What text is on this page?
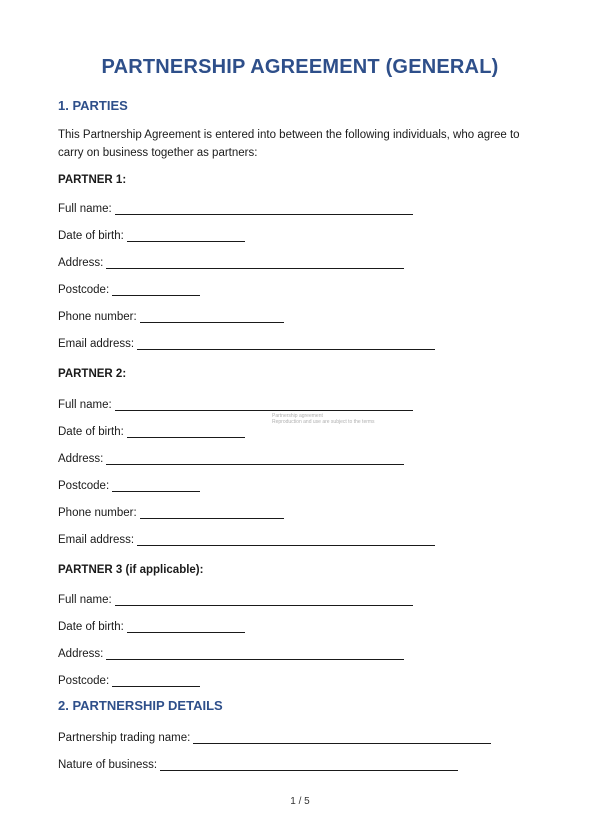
PARTNERSHIP AGREEMENT (GENERAL)
1. PARTIES
This Partnership Agreement is entered into between the following individuals, who agree to carry on business together as partners:
PARTNER 1:
Full name:
Date of birth:
Address:
Postcode:
Phone number:
Email address:
PARTNER 2:
Full name:
Date of birth:
Address:
Postcode:
Phone number:
Email address:
PARTNER 3 (if applicable):
Full name:
Date of birth:
Address:
Postcode:
2. PARTNERSHIP DETAILS
Partnership trading name:
Nature of business:
Partnership agreement
Reproduction and use are subject to the terms
1 / 5
